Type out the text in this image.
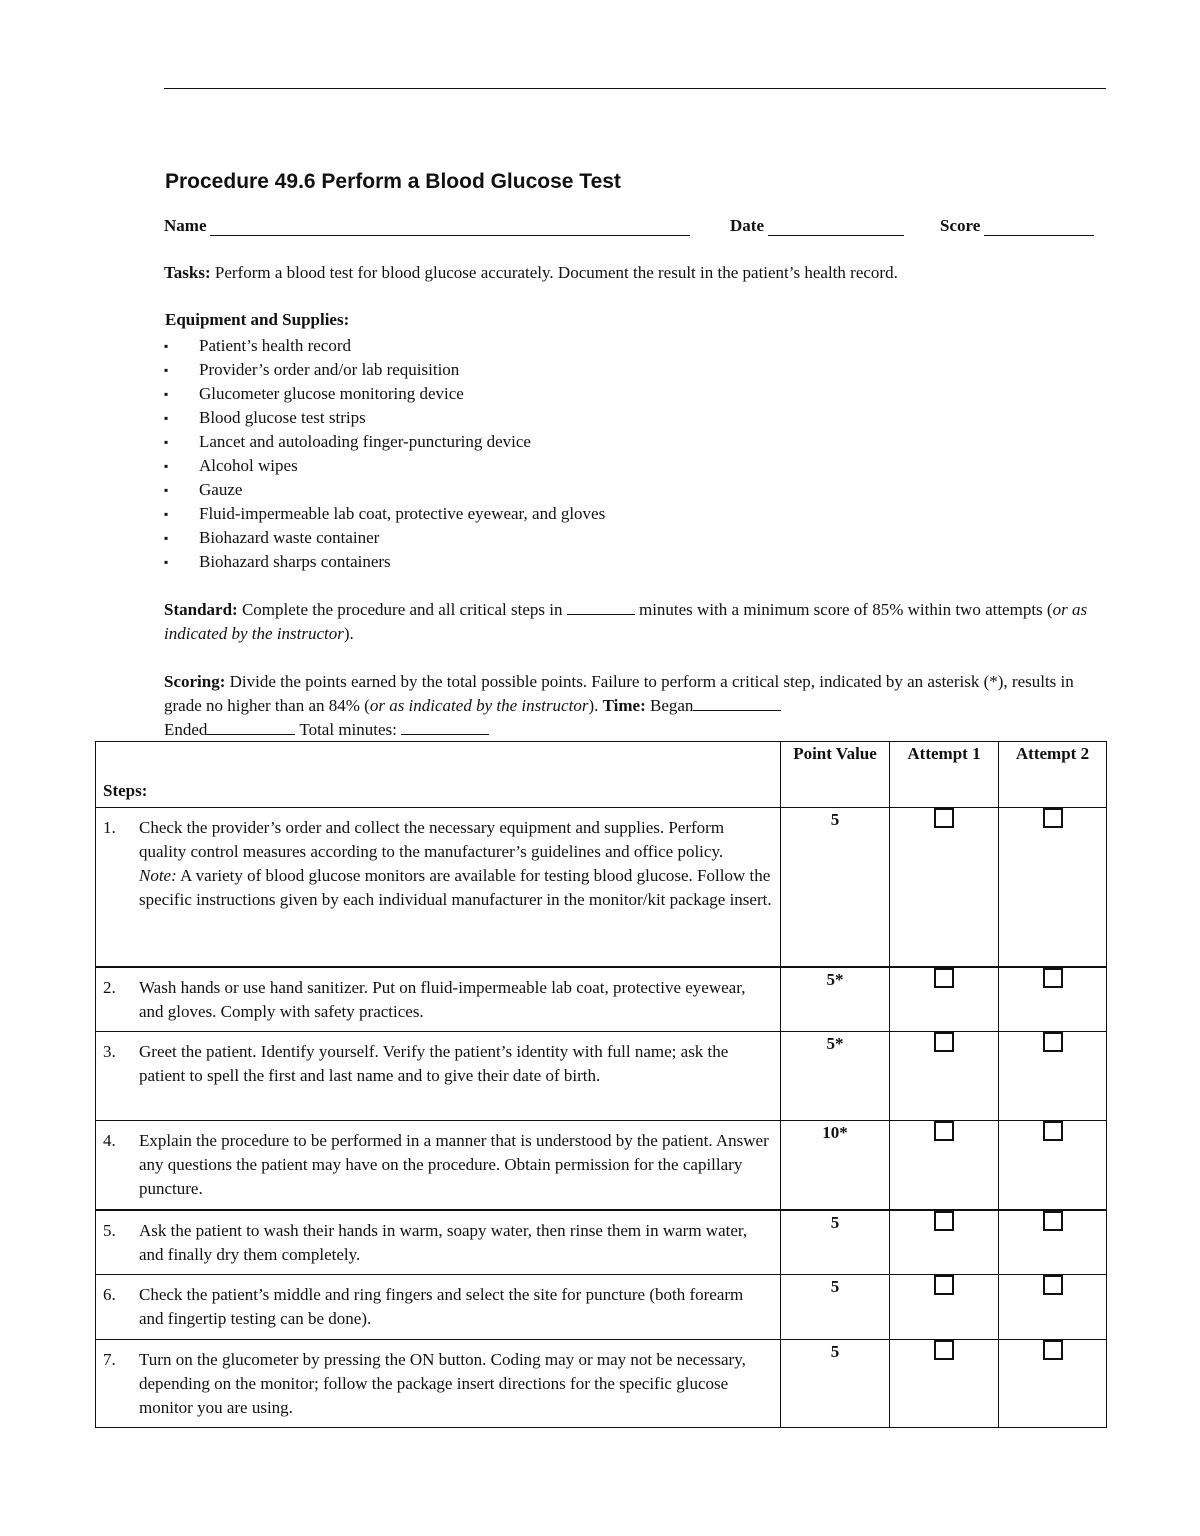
Procedure 49.6 Perform a Blood Glucose Test
Name	Date	Score

Tasks: Perform a blood test for blood glucose accurately. Document the result in the patient’s health record.

Equipment and Supplies:
▪ Patient’s health record
▪ Provider’s order and/or lab requisition
▪ Glucometer glucose monitoring device
▪ Blood glucose test strips
▪ Lancet and autoloading finger-puncturing device
▪ Alcohol wipes
▪ Gauze
▪ Fluid-impermeable lab coat, protective eyewear, and gloves
▪ Biohazard waste container
▪ Biohazard sharps containers

Standard: Complete the procedure and all critical steps in	minutes with a minimum score of 85% within two attempts (or as indicated by the instructor).

Scoring: Divide the points earned by the total possible points. Failure to perform a critical step, indicated by an asterisk (*), results in grade no higher than an 84% (or as indicated by the instructor). Time: Began
Ended	Total minutes:

Steps:	Point Value	Attempt 1	Attempt 2

1. Check the provider’s order and collect the necessary equipment and supplies. Perform quality control measures according to the manufacturer’s guidelines and office policy.
Note: A variety of blood glucose monitors are available for testing blood glucose. Follow the specific instructions given by each individual manufacturer in the monitor/kit package insert.	5		

2. Wash hands or use hand sanitizer. Put on fluid-impermeable lab coat, protective eyewear, and gloves. Comply with safety practices.	5*		

3. Greet the patient. Identify yourself. Verify the patient’s identity with full name; ask the patient to spell the first and last name and to give their date of birth.	5*		

4. Explain the procedure to be performed in a manner that is understood by the patient. Answer any questions the patient may have on the procedure. Obtain permission for the capillary puncture.	10*		

5. Ask the patient to wash their hands in warm, soapy water, then rinse them in warm water, and finally dry them completely.	5		

6. Check the patient’s middle and ring fingers and select the site for puncture (both forearm and fingertip testing can be done).	5		

7. Turn on the glucometer by pressing the ON button. Coding may or may not be necessary, depending on the monitor; follow the package insert directions for the specific glucose monitor you are using.	5		
